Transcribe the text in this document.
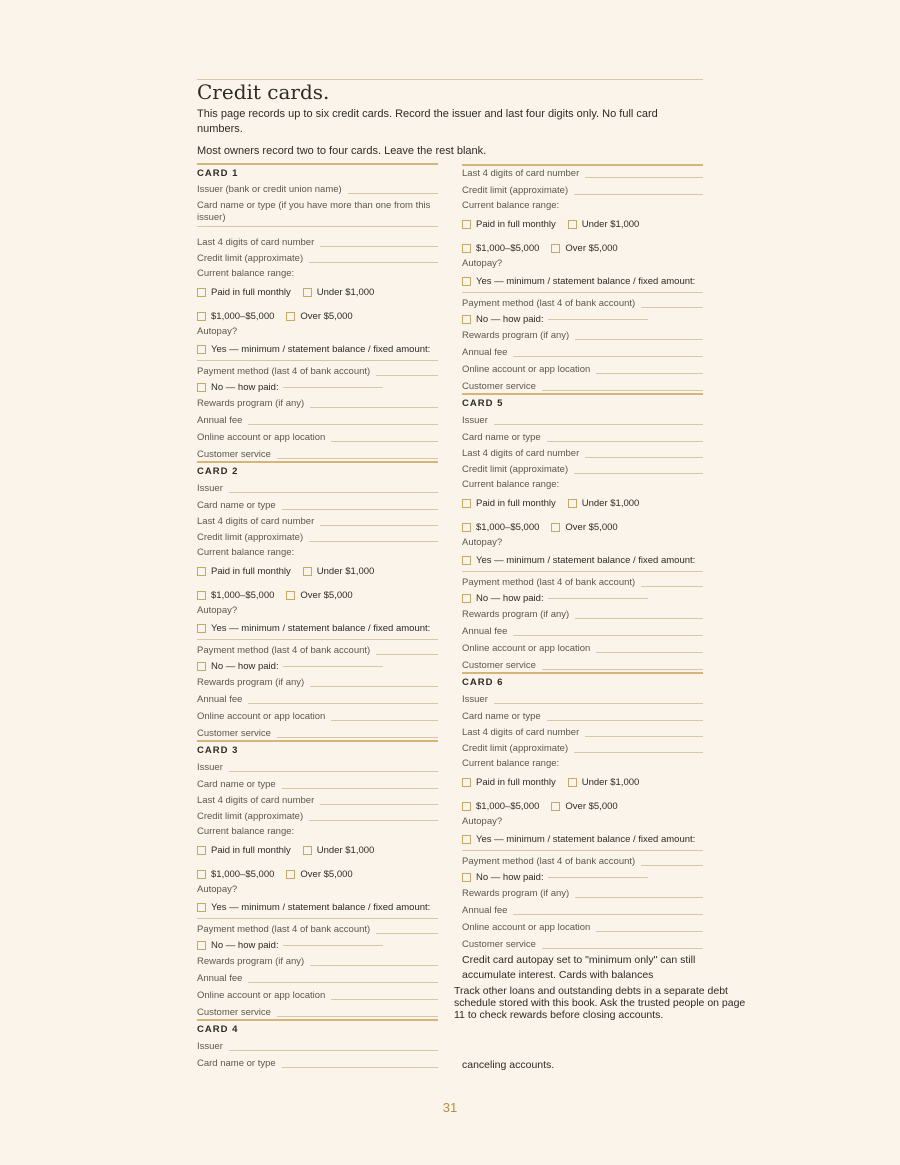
Credit cards.

This page records up to six credit cards. Record the issuer and last four digits only. No full card numbers.

Most owners record two to four cards. Leave the rest blank.

CARD 1
Issuer (bank or credit union name)
Card name or type (if you have more than one from this issuer)
Last 4 digits of card number
Credit limit (approximate)
Current balance range:
Paid in full monthly	Under $1,000
$1,000–$5,000	Over $5,000
Autopay?
Yes — minimum / statement balance / fixed amount:
Payment method (last 4 of bank account)
No — how paid:
Rewards program (if any)
Annual fee
Online account or app location
Customer service
CARD 2
Issuer
Card name or type
Last 4 digits of card number
Credit limit (approximate)
Current balance range:
Paid in full monthly	Under $1,000
$1,000–$5,000	Over $5,000
Autopay?
Yes — minimum / statement balance / fixed amount:
Payment method (last 4 of bank account)
No — how paid:
Rewards program (if any)
Annual fee
Online account or app location
Customer service
CARD 3
Issuer
Card name or type
Last 4 digits of card number
Credit limit (approximate)
Current balance range:
Paid in full monthly	Under $1,000
$1,000–$5,000	Over $5,000
Autopay?
Yes — minimum / statement balance / fixed amount:
Payment method (last 4 of bank account)
No — how paid:
Rewards program (if any)
Annual fee
Online account or app location
Customer service
CARD 4
Issuer
Card name or type
Last 4 digits of card number
Credit limit (approximate)
Current balance range:
Paid in full monthly	Under $1,000
$1,000–$5,000	Over $5,000
Autopay?
Yes — minimum / statement balance / fixed amount:
Payment method (last 4 of bank account)
No — how paid:
Rewards program (if any)
Annual fee
Online account or app location
Customer service
CARD 5
Issuer
Card name or type
Last 4 digits of card number
Credit limit (approximate)
Current balance range:
Paid in full monthly	Under $1,000
$1,000–$5,000	Over $5,000
Autopay?
Yes — minimum / statement balance / fixed amount:
Payment method (last 4 of bank account)
No — how paid:
Rewards program (if any)
Annual fee
Online account or app location
Customer service
CARD 6
Issuer
Card name or type
Last 4 digits of card number
Credit limit (approximate)
Current balance range:
Paid in full monthly	Under $1,000
$1,000–$5,000	Over $5,000
Autopay?
Yes — minimum / statement balance / fixed amount:
Payment method (last 4 of bank account)
No — how paid:
Rewards program (if any)
Annual fee
Online account or app location
Customer service

Credit card autopay set to "minimum only" can still accumulate interest. Cards with balances

Track other loans and outstanding debts in a separate debt schedule stored with this book. Ask the trusted people on page 11 to check rewards before closing accounts.

canceling accounts.

31
